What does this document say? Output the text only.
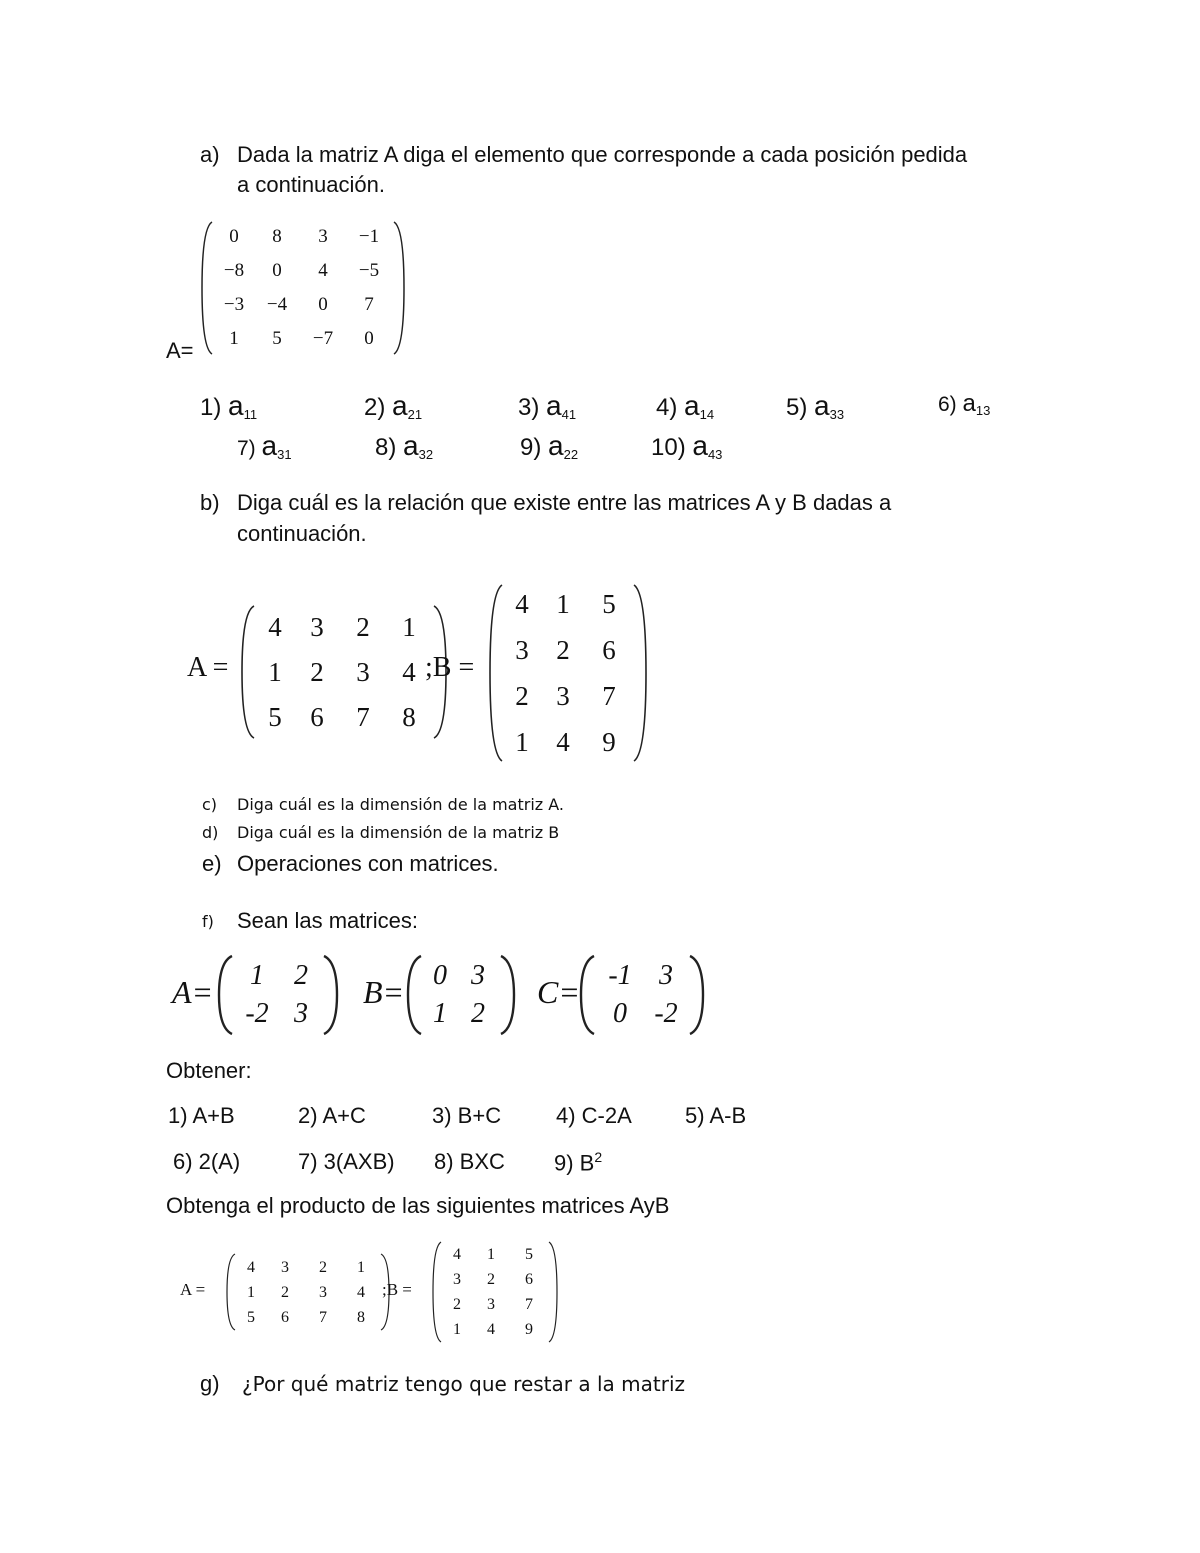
a) Dada la matriz A diga el elemento que corresponde a cada posición pedida
a continuación.
A=
0	8	3	−1
−8	0	4	−5
−3	−4	0	7
1	5	−7	0
1) $a_{11}$	2) $a_{21}$	3) $a_{41}$	4) $a_{14}$	5) $a_{33}$	6) $a_{13}$
7) $a_{31}$	8) $a_{32}$	9) $a_{22}$	10) $a_{43}$
b) Diga cuál es la relación que existe entre las matrices A y B dadas a
continuación.
A =
4	3	2	1
1	2	3	4
5	6	7	8
;B =
4	1	5
3	2	6
2	3	7
1	4	9
c) Diga cuál es la dimensión de la matriz A.
d) Diga cuál es la dimensión de la matriz B
e) Operaciones con matrices.
f) Sean las matrices:
A=	1	2
-2 3
B=	0 3
1 2
C=	-1 3
0 -2
Obtener:
1) A+B	2) A+C	3) B+C 4) C-2A 5) A-B
6) 2(A)	7) 3(AXB) 8) BXC 9) $B^2$
Obtenga el producto de las siguientes matrices AyB
A =
4	3	2	1
1	2	3	4
5	6	7	8
;B =
4	1	5
3	2	6
2	3	7
1	4	9
g) ¿Por qué matriz tengo que restar a la matriz
